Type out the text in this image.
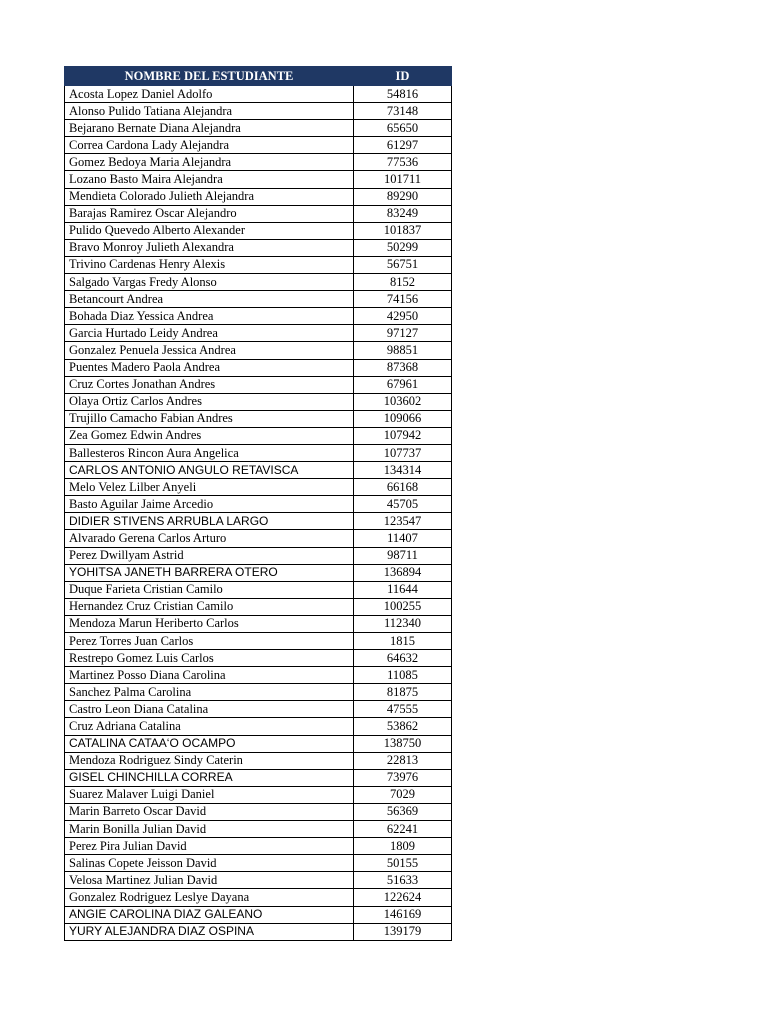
NOMBRE DEL ESTUDIANTE	ID
Acosta Lopez Daniel Adolfo	54816
Alonso Pulido Tatiana Alejandra	73148
Bejarano Bernate Diana Alejandra	65650
Correa Cardona Lady Alejandra	61297
Gomez Bedoya Maria Alejandra	77536
Lozano Basto Maira Alejandra	101711
Mendieta Colorado Julieth Alejandra	89290
Barajas Ramirez Oscar Alejandro	83249
Pulido Quevedo Alberto Alexander	101837
Bravo Monroy Julieth Alexandra	50299
Trivino Cardenas Henry Alexis	56751
Salgado Vargas Fredy Alonso	8152
Betancourt Andrea	74156
Bohada Diaz Yessica Andrea	42950
Garcia Hurtado Leidy Andrea	97127
Gonzalez Penuela Jessica Andrea	98851
Puentes Madero Paola Andrea	87368
Cruz Cortes Jonathan Andres	67961
Olaya Ortiz Carlos Andres	103602
Trujillo Camacho Fabian Andres	109066
Zea Gomez Edwin Andres	107942
Ballesteros Rincon Aura Angelica	107737
CARLOS ANTONIO ANGULO RETAVISCA	134314
Melo Velez Lilber Anyeli	66168
Basto Aguilar Jaime Arcedio	45705
DIDIER STIVENS ARRUBLA LARGO	123547
Alvarado Gerena Carlos Arturo	11407
Perez Dwillyam Astrid	98711
YOHITSA JANETH BARRERA OTERO	136894
Duque Farieta Cristian Camilo	11644
Hernandez Cruz Cristian Camilo	100255
Mendoza Marun Heriberto Carlos	112340
Perez Torres Juan Carlos	1815
Restrepo Gomez Luis Carlos	64632
Martinez Posso Diana Carolina	11085
Sanchez Palma Carolina	81875
Castro Leon Diana Catalina	47555
Cruz Adriana Catalina	53862
CATALINA CATAA‘O OCAMPO	138750
Mendoza Rodriguez Sindy Caterin	22813
GISEL CHINCHILLA CORREA	73976
Suarez Malaver Luigi Daniel	7029
Marin Barreto Oscar David	56369
Marin Bonilla Julian David	62241
Perez Pira Julian David	1809
Salinas Copete Jeisson David	50155
Velosa Martinez Julian David	51633
Gonzalez Rodriguez Leslye Dayana	122624
ANGIE CAROLINA DIAZ GALEANO	146169
YURY ALEJANDRA DIAZ OSPINA	139179
